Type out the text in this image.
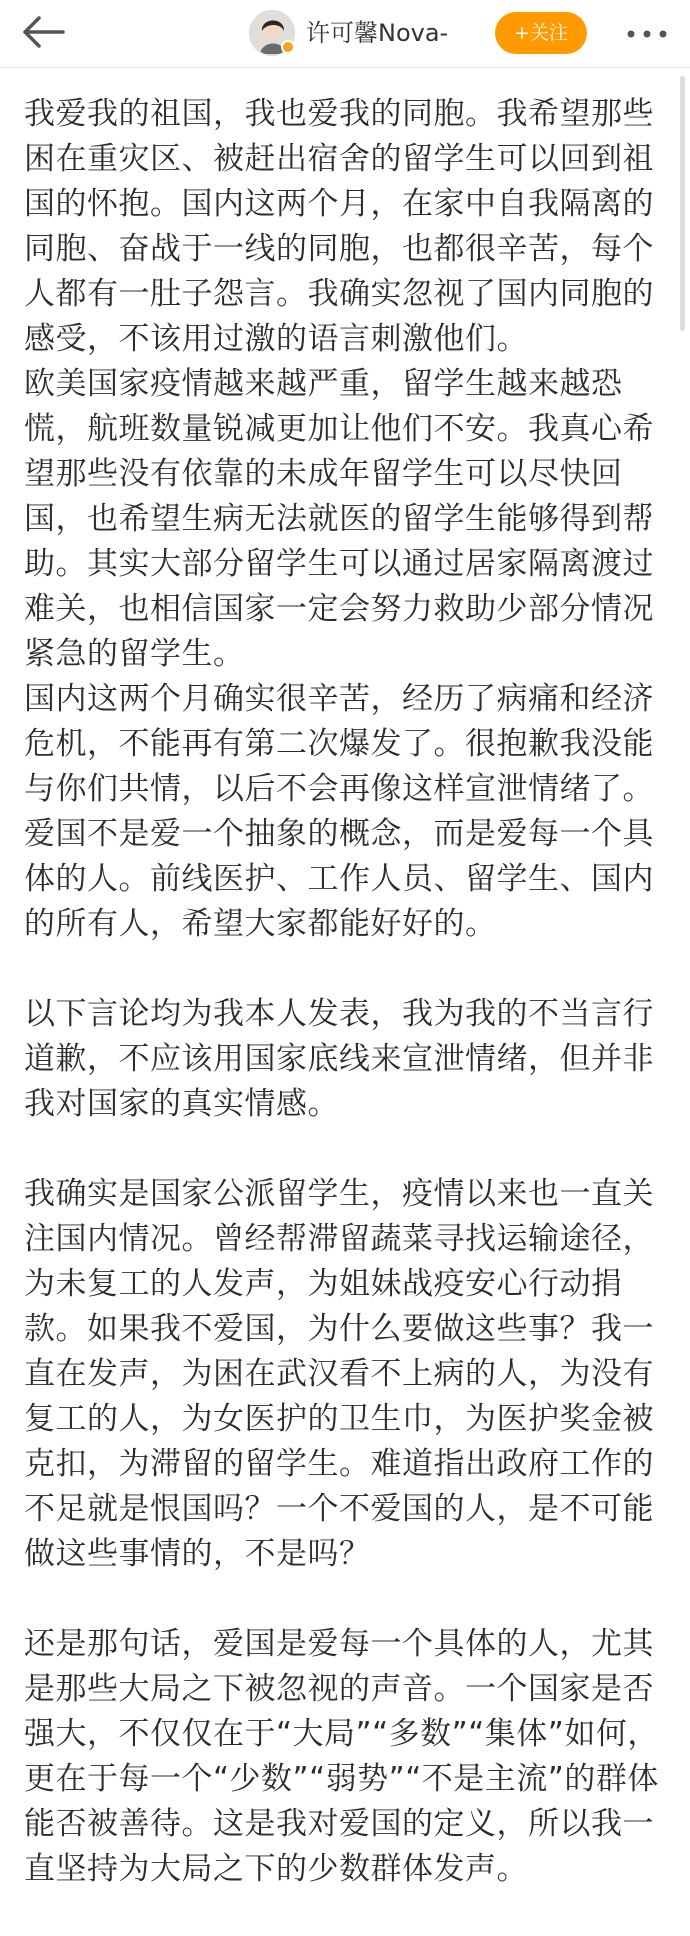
许可馨Nova-	+关注

我爱我的祖国，我也爱我的同胞。我希望那些困在重灾区、被赶出宿舍的留学生可以回到祖国的怀抱。国内这两个月，在家中自我隔离的同胞、奋战于一线的同胞，也都很辛苦，每个人都有一肚子怨言。我确实忽视了国内同胞的感受，不该用过激的语言刺激他们。
欧美国家疫情越来越严重，留学生越来越恐慌，航班数量锐减更加让他们不安。我真心希望那些没有依靠的未成年留学生可以尽快回国，也希望生病无法就医的留学生能够得到帮助。其实大部分留学生可以通过居家隔离渡过难关，也相信国家一定会努力救助少部分情况紧急的留学生。
国内这两个月确实很辛苦，经历了病痛和经济危机，不能再有第二次爆发了。很抱歉我没能与你们共情，以后不会再像这样宣泄情绪了。
爱国不是爱一个抽象的概念，而是爱每一个具体的人。前线医护、工作人员、留学生、国内的所有人，希望大家都能好好的。

以下言论均为我本人发表，我为我的不当言行道歉，不应该用国家底线来宣泄情绪，但并非我对国家的真实情感。

我确实是国家公派留学生，疫情以来也一直关注国内情况。曾经帮滞留蔬菜寻找运输途径，为未复工的人发声，为姐妹战疫安心行动捐款。如果我不爱国，为什么要做这些事？我一直在发声，为困在武汉看不上病的人，为没有复工的人，为女医护的卫生巾，为医护奖金被克扣，为滞留的留学生。难道指出政府工作的不足就是恨国吗？一个不爱国的人，是不可能做这些事情的，不是吗？

还是那句话，爱国是爱每一个具体的人，尤其是那些大局之下被忽视的声音。一个国家是否强大，不仅仅在于“大局”“多数”“集体”如何，更在于每一个“少数”“弱势”“不是主流”的群体能否被善待。这是我对爱国的定义，所以我一直坚持为大局之下的少数群体发声。
